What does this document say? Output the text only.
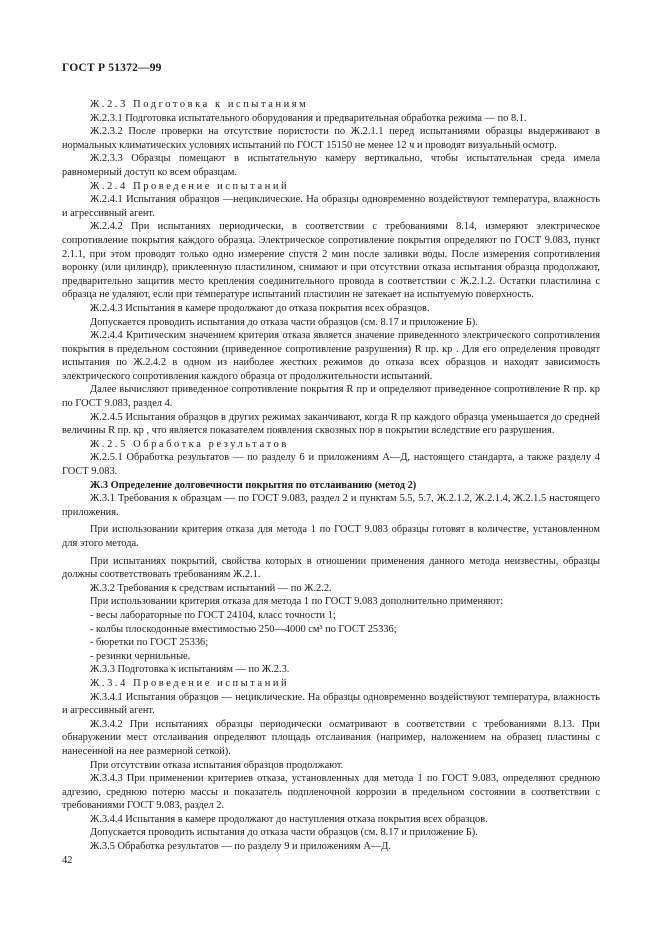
ГОСТ Р 51372—99

Ж.2.3 Подготовка к испытаниям

Ж.2.3.1 Подготовка испытательного оборудования и предварительная обработка режима — по 8.1.

Ж.2.3.2 После проверки на отсутствие пористости по Ж.2.1.1 перед испытаниями образцы выдерживают в нормальных климатических условиях испытаний по ГОСТ 15150 не менее 12 ч и проводят визуальный осмотр.

Ж.2.3.3 Образцы помещают в испытательную камеру вертикально, чтобы испытательная среда имела равномерный доступ ко всем образцам.

Ж.2.4 Проведение испытаний

Ж.2.4.1 Испытания образцов —нециклические. На образцы одновременно воздействуют температура, влажность и агрессивный агент.

Ж.2.4.2 При испытаниях периодически, в соответствии с требованиями 8.14, измеряют электрическое сопротивление покрытия каждого образца. Электрическое сопротивление покрытия определяют по ГОСТ 9.083, пункт 2.1.1, при этом проводят только одно измерение спустя 2 мин после заливки воды. После измерения сопротивления воронку (или цилиндр), приклеенную пластилином, снимают и при отсутствии отказа испытания образца продолжают, предварительно защитив место крепления соединительного провода в соответствии с Ж.2.1.2. Остатки пластилина с образца не удаляют, если при температуре испытаний пластилин не затекает на испытуемую поверхность.

Ж.2.4.3 Испытания в камере продолжают до отказа покрытия всех образцов.

Допускается проводить испытания до отказа части образцов (см. 8.17 и приложение Б).

Ж.2.4.4 Критическим значением критерия отказа является значение приведенного электрического сопротивления покрытия в предельном состоянии (приведенное сопротивление разрушения) R пр. кр . Для его определения проводят испытания по Ж.2.4.2 в одном из наиболее жестких режимов до отказа всех образцов и находят зависимость электрического сопротивления каждого образца от продолжительности испытаний.

Далее вычисляют приведенное сопротивление покрытия R пр и определяют приведенное сопротивление R пр. кр по ГОСТ 9.083, раздел 4.

Ж.2.4.5 Испытания образцов в других режимах заканчивают, когда R пр каждого образца уменьшается до средней величины R пр. кр , что является показателем появления сквозных пор в покрытии вследствие его разрушения.

Ж.2.5 Обработка результатов

Ж.2.5.1 Обработка результатов — по разделу 6 и приложениям А—Д, настоящего стандарта, а также разделу 4 ГОСТ 9.083.

Ж.3 Определение долговечности покрытия по отслаиванию (метод 2)

Ж.3.1 Требования к образцам — по ГОСТ 9.083, раздел 2 и пунктам 5.5, 5.7, Ж.2.1.2, Ж.2.1.4, Ж.2.1.5 настоящего приложения.

При использовании критерия отказа для метода 1 по ГОСТ 9.083 образцы готовят в количестве, установленном для этого метода.

При испытаниях покрытий, свойства которых в отношении применения данного метода неизвестны, образцы должны соответствовать требованиям Ж.2.1.

Ж.3.2 Требования к средствам испытаний — по Ж.2.2.

При использовании критерия отказа для метода 1 по ГОСТ 9.083 дополнительно применяют:

- весы лабораторные по ГОСТ 24104, класс точности 1;

- колбы плоскодонные вместимостью 250—4000 см³ по ГОСТ 25336;

- бюретки по ГОСТ 25336;

- резинки чернильные.

Ж.3.3 Подготовка к испытаниям — по Ж.2.3.

Ж.3.4 Проведение испытаний

Ж.3.4.1 Испытания образцов — нециклические. На образцы одновременно воздействуют температура, влажность и агрессивный агент.

Ж.3.4.2 При испытаниях образцы периодически осматривают в соответствии с требованиями 8.13. При обнаружении мест отслаивания определяют площадь отслаивания (например, наложением на образец пластины с нанесенной на нее размерной сеткой).

При отсутствии отказа испытания образцов продолжают.

Ж.3.4.3 При применении критериев отказа, установленных для метода 1 по ГОСТ 9.083, определяют среднюю адгезию, среднюю потерю массы и показатель подпленочной коррозии в предельном состоянии в соответствии с требованиями ГОСТ 9.083, раздел 2.

Ж.3.4.4 Испытания в камере продолжают до наступления отказа покрытия всех образцов.

Допускается проводить испытания до отказа части образцов (см. 8.17 и приложение Б).

Ж.3.5 Обработка результатов — по разделу 9 и приложениям А—Д.

42
